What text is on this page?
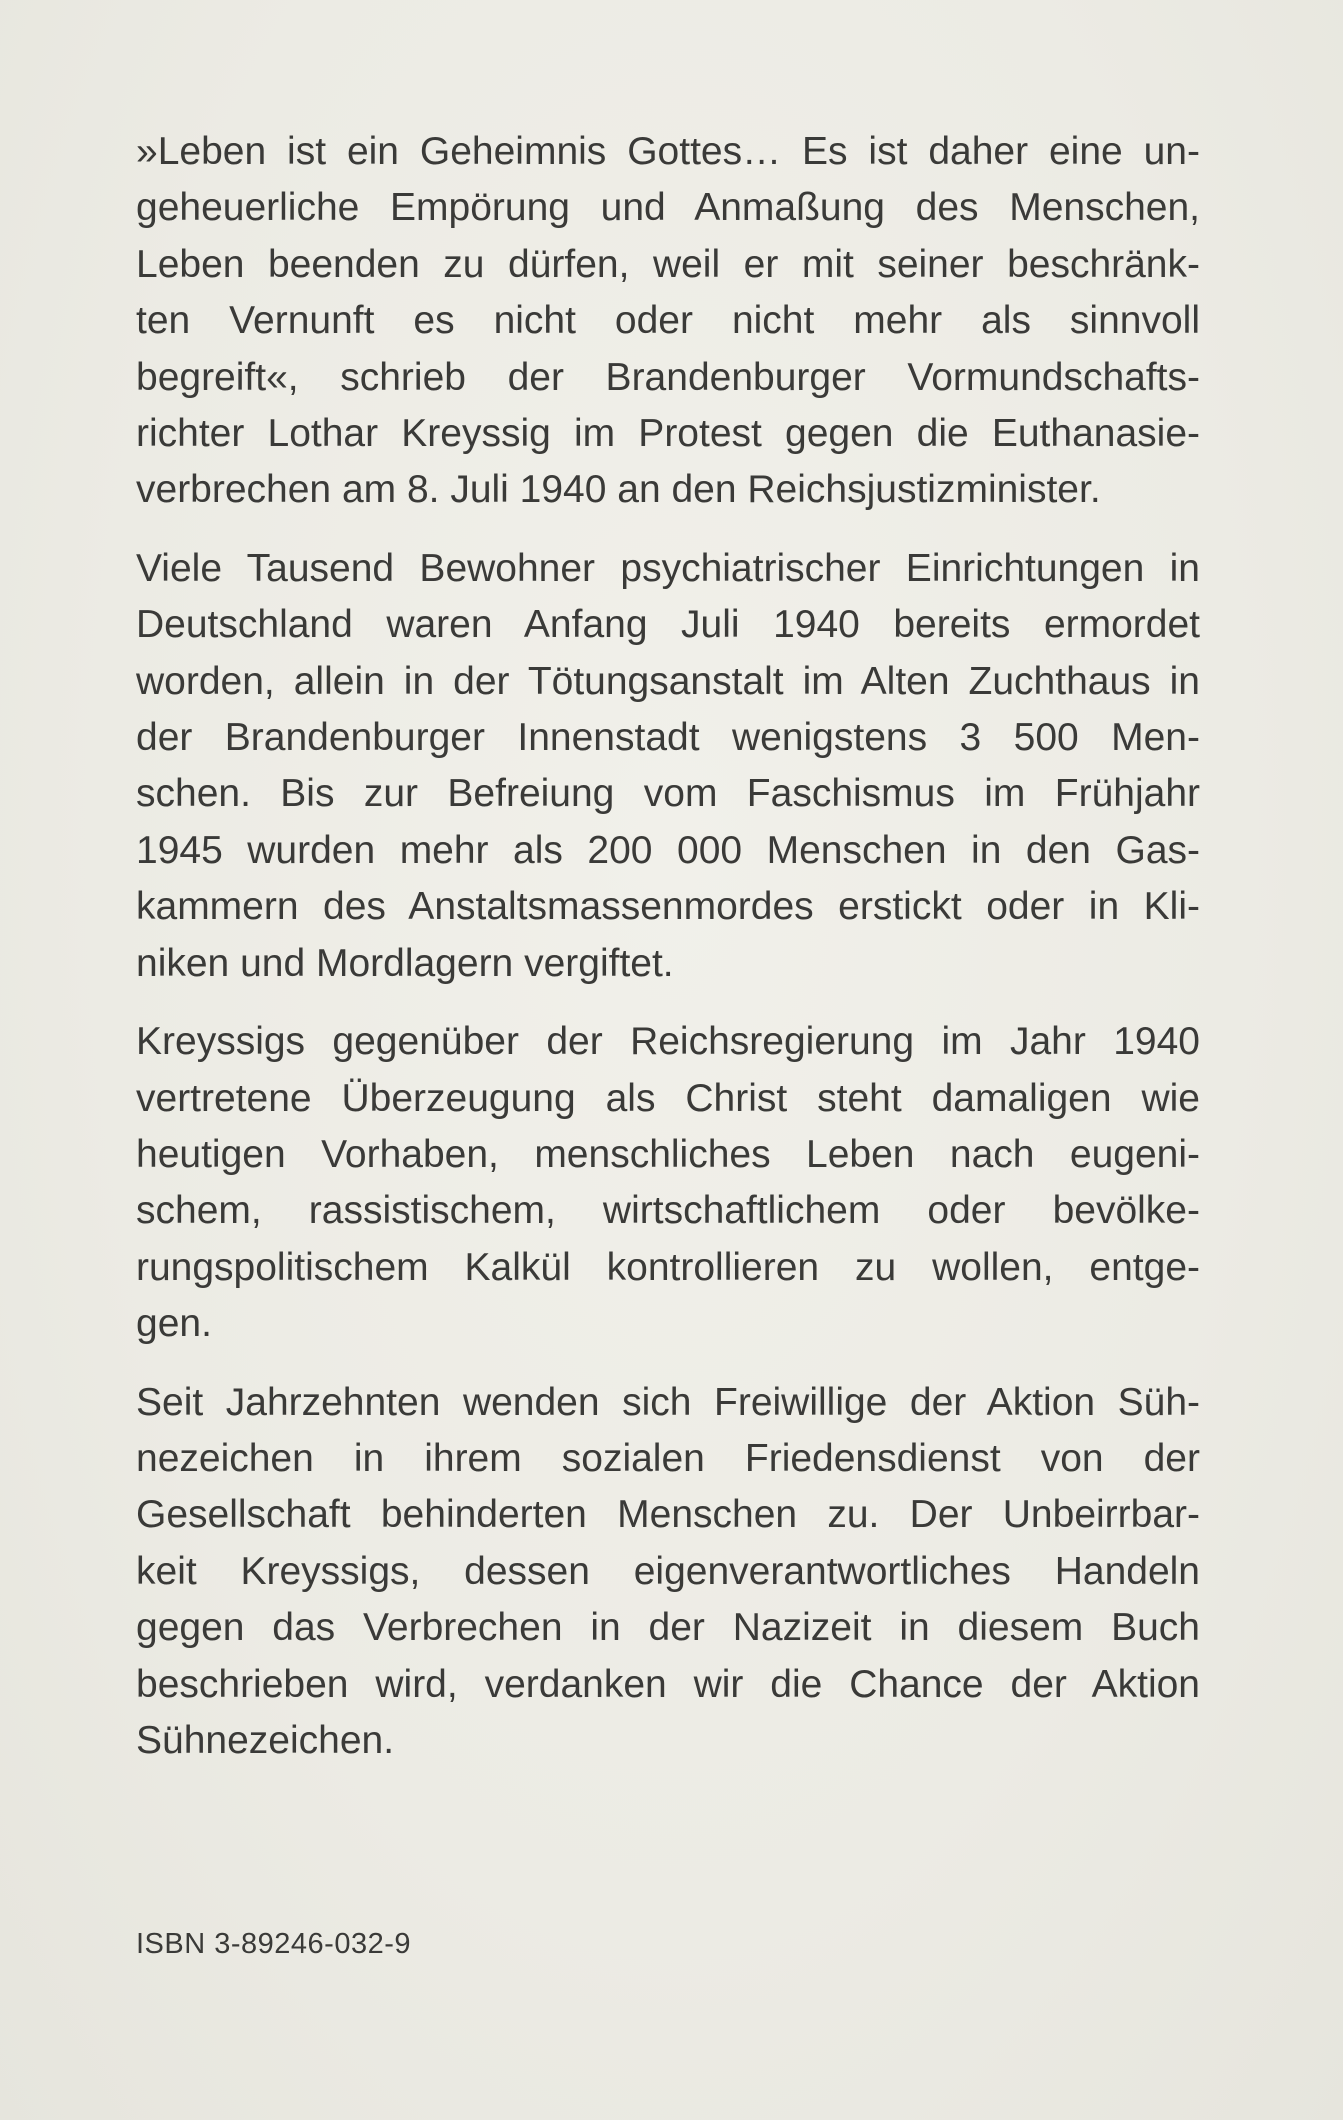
»Leben ist ein Geheimnis Gottes… Es ist daher eine un-
geheuerliche Empörung und Anmaßung des Menschen,
Leben beenden zu dürfen, weil er mit seiner beschränk-
ten Vernunft es nicht oder nicht mehr als sinnvoll
begreift«, schrieb der Brandenburger Vormundschafts-
richter Lothar Kreyssig im Protest gegen die Euthanasie-
verbrechen am 8. Juli 1940 an den Reichsjustizminister.
Viele Tausend Bewohner psychiatrischer Einrichtungen in
Deutschland waren Anfang Juli 1940 bereits ermordet
worden, allein in der Tötungsanstalt im Alten Zuchthaus in
der Brandenburger Innenstadt wenigstens 3 500 Men-
schen. Bis zur Befreiung vom Faschismus im Frühjahr
1945 wurden mehr als 200 000 Menschen in den Gas-
kammern des Anstaltsmassenmordes erstickt oder in Kli-
niken und Mordlagern vergiftet.
Kreyssigs gegenüber der Reichsregierung im Jahr 1940
vertretene Überzeugung als Christ steht damaligen wie
heutigen Vorhaben, menschliches Leben nach eugeni-
schem, rassistischem, wirtschaftlichem oder bevölke-
rungspolitischem Kalkül kontrollieren zu wollen, entge-
gen.
Seit Jahrzehnten wenden sich Freiwillige der Aktion Süh-
nezeichen in ihrem sozialen Friedensdienst von der
Gesellschaft behinderten Menschen zu. Der Unbeirrbar-
keit Kreyssigs, dessen eigenverantwortliches Handeln
gegen das Verbrechen in der Nazizeit in diesem Buch
beschrieben wird, verdanken wir die Chance der Aktion
Sühnezeichen.
ISBN 3-89246-032-9
